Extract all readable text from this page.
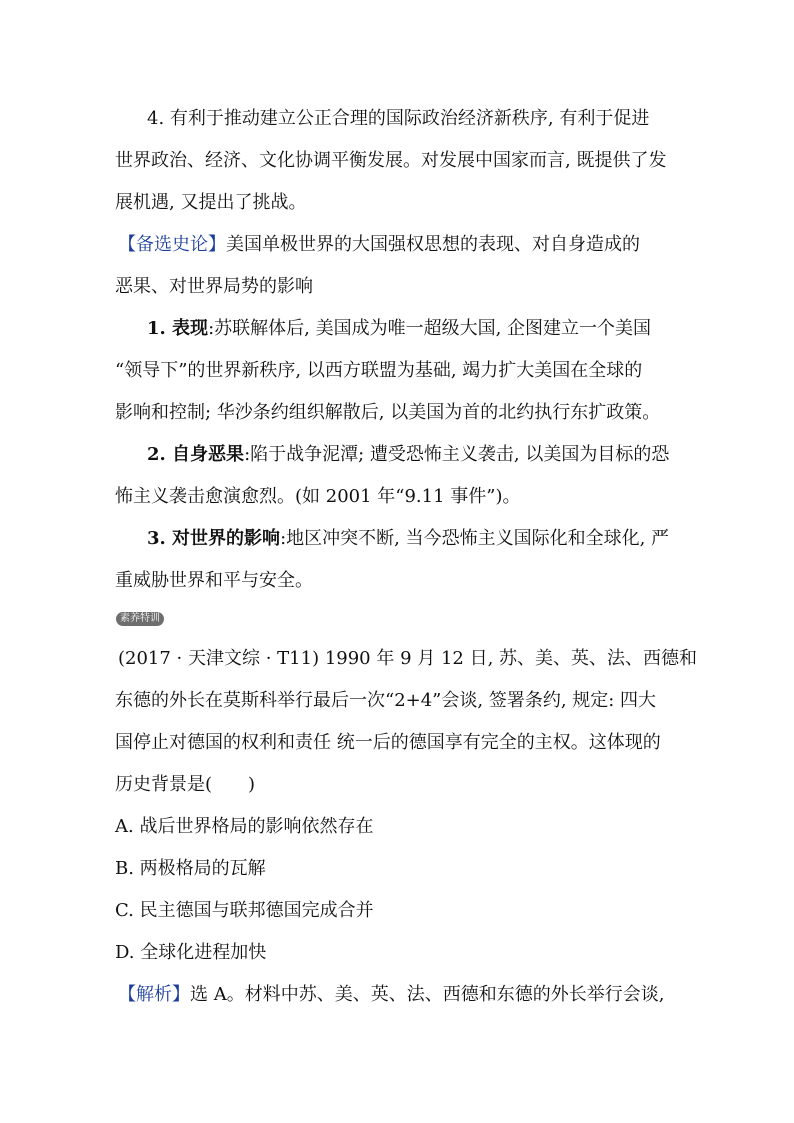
4. 有利于推动建立公正合理的国际政治经济新秩序, 有利于促进
世界政治、经济、文化协调平衡发展。对发展中国家而言, 既提供了发
展机遇, 又提出了挑战。
【备选史论】美国单极世界的大国强权思想的表现、对自身造成的
恶果、对世界局势的影响
1. 表现:苏联解体后, 美国成为唯一超级大国, 企图建立一个美国
“领导下”的世界新秩序, 以西方联盟为基础, 竭力扩大美国在全球的
影响和控制; 华沙条约组织解散后, 以美国为首的北约执行东扩政策。
2. 自身恶果:陷于战争泥潭; 遭受恐怖主义袭击, 以美国为目标的恐
怖主义袭击愈演愈烈。(如 2001 年“9.11 事件”)。
3. 对世界的影响:地区冲突不断, 当今恐怖主义国际化和全球化, 严
重威胁世界和平与安全。
素养特训
(2017 · 天津文综 · T11) 1990 年 9 月 12 日, 苏、美、英、法、西德和
东德的外长在莫斯科举行最后一次“2+4”会谈, 签署条约, 规定: 四大
国停止对德国的权利和责任 统一后的德国享有完全的主权。这体现的
历史背景是(　　)
A. 战后世界格局的影响依然存在
B. 两极格局的瓦解
C. 民主德国与联邦德国完成合并
D. 全球化进程加快
【解析】选 A。材料中苏、美、英、法、西德和东德的外长举行会谈,
